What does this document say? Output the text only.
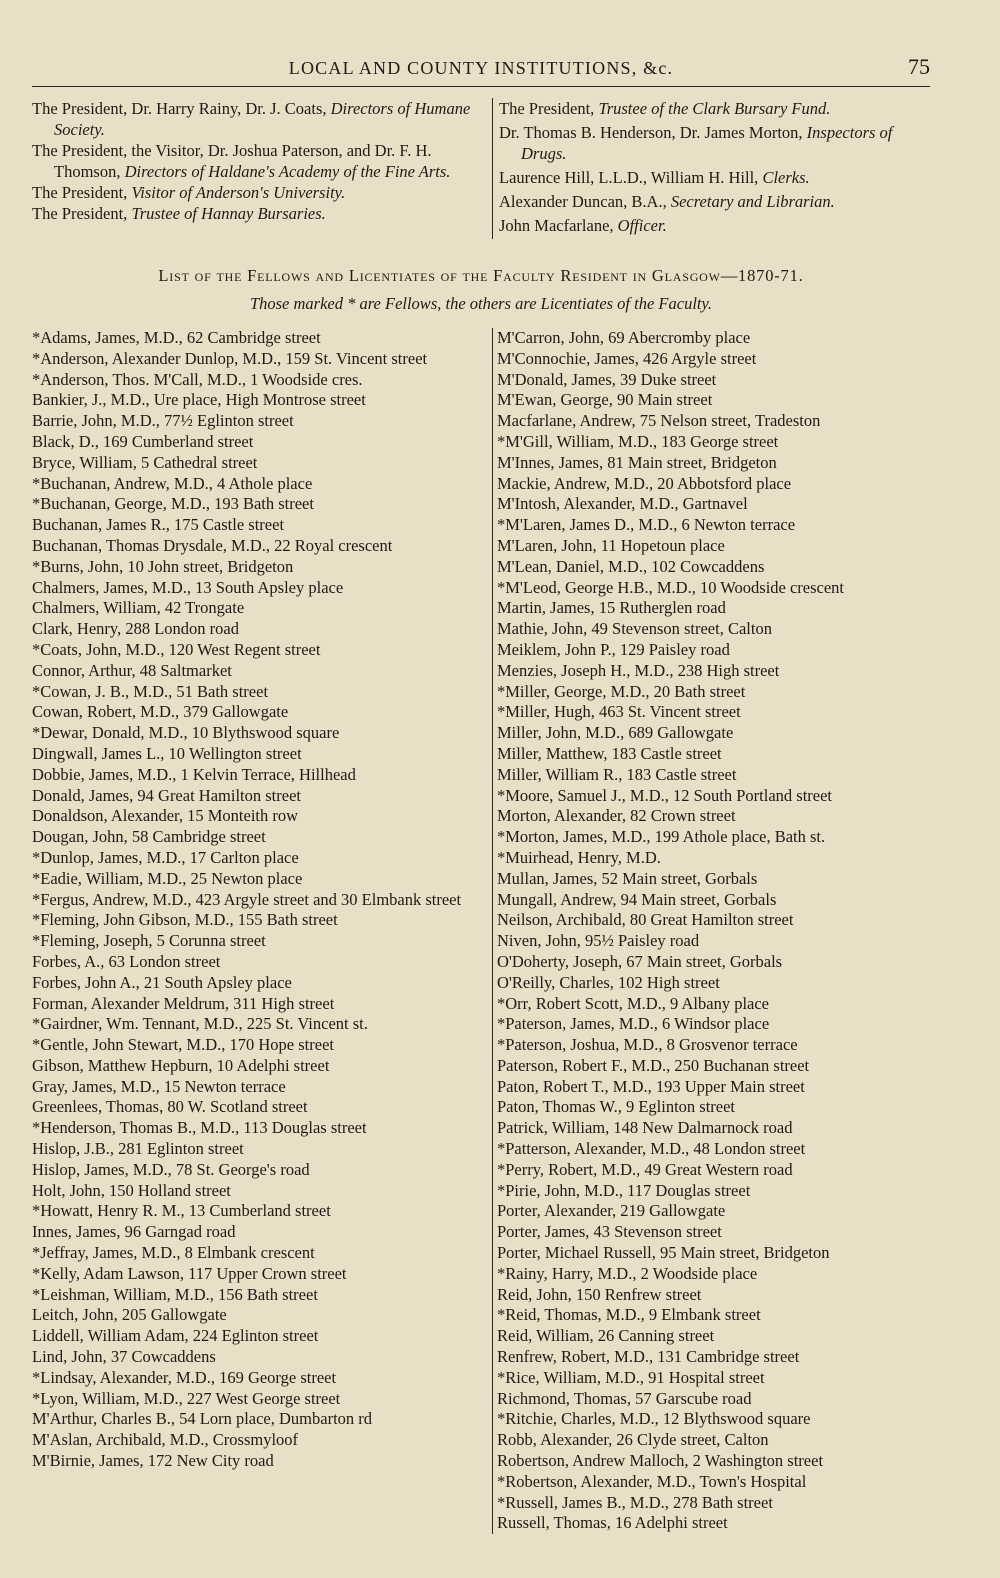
LOCAL AND COUNTY INSTITUTIONS, &c.	75
The President, Dr. Harry Rainy, Dr. J. Coats, Directors of Humane Society.
The President, the Visitor, Dr. Joshua Paterson, and Dr. F. H. Thomson, Directors of Haldane's Academy of the Fine Arts.
The President, Visitor of Anderson's University.
The President, Trustee of Hannay Bursaries.
The President, Trustee of the Clark Bursary Fund.
Dr. Thomas B. Henderson, Dr. James Morton, Inspectors of Drugs.
Laurence Hill, L.L.D., William H. Hill, Clerks.
Alexander Duncan, B.A., Secretary and Librarian.
John Macfarlane, Officer.
List of the Fellows and Licentiates of the Faculty Resident in Glasgow—1870-71.
Those marked * are Fellows, the others are Licentiates of the Faculty.
*Adams, James, M.D., 62 Cambridge street
*Anderson, Alexander Dunlop, M.D., 159 St. Vincent street
*Anderson, Thos. M'Call, M.D., 1 Woodside cres.
Bankier, J., M.D., Ure place, High Montrose street
Barrie, John, M.D., 77½ Eglinton street
Black, D., 169 Cumberland street
Bryce, William, 5 Cathedral street
*Buchanan, Andrew, M.D., 4 Athole place
*Buchanan, George, M.D., 193 Bath street
Buchanan, James R., 175 Castle street
Buchanan, Thomas Drysdale, M.D., 22 Royal crescent
*Burns, John, 10 John street, Bridgeton
Chalmers, James, M.D., 13 South Apsley place
Chalmers, William, 42 Trongate
Clark, Henry, 288 London road
*Coats, John, M.D., 120 West Regent street
Connor, Arthur, 48 Saltmarket
*Cowan, J. B., M.D., 51 Bath street
Cowan, Robert, M.D., 379 Gallowgate
*Dewar, Donald, M.D., 10 Blythswood square
Dingwall, James L., 10 Wellington street
Dobbie, James, M.D., 1 Kelvin Terrace, Hillhead
Donald, James, 94 Great Hamilton street
Donaldson, Alexander, 15 Monteith row
Dougan, John, 58 Cambridge street
*Dunlop, James, M.D., 17 Carlton place
*Eadie, William, M.D., 25 Newton place
*Fergus, Andrew, M.D., 423 Argyle street and 30 Elmbank street
*Fleming, John Gibson, M.D., 155 Bath street
*Fleming, Joseph, 5 Corunna street
Forbes, A., 63 London street
Forbes, John A., 21 South Apsley place
Forman, Alexander Meldrum, 311 High street
*Gairdner, Wm. Tennant, M.D., 225 St. Vincent st.
*Gentle, John Stewart, M.D., 170 Hope street
Gibson, Matthew Hepburn, 10 Adelphi street
Gray, James, M.D., 15 Newton terrace
Greenlees, Thomas, 80 W. Scotland street
*Henderson, Thomas B., M.D., 113 Douglas street
Hislop, J.B., 281 Eglinton street
Hislop, James, M.D., 78 St. George's road
Holt, John, 150 Holland street
*Howatt, Henry R. M., 13 Cumberland street
Innes, James, 96 Garngad road
*Jeffray, James, M.D., 8 Elmbank crescent
*Kelly, Adam Lawson, 117 Upper Crown street
*Leishman, William, M.D., 156 Bath street
Leitch, John, 205 Gallowgate
Liddell, William Adam, 224 Eglinton street
Lind, John, 37 Cowcaddens
*Lindsay, Alexander, M.D., 169 George street
*Lyon, William, M.D., 227 West George street
M'Arthur, Charles B., 54 Lorn place, Dumbarton rd
M'Aslan, Archibald, M.D., Crossmyloof
M'Birnie, James, 172 New City road
M'Carron, John, 69 Abercromby place
M'Connochie, James, 426 Argyle street
M'Donald, James, 39 Duke street
M'Ewan, George, 90 Main street
Macfarlane, Andrew, 75 Nelson street, Tradeston
*M'Gill, William, M.D., 183 George street
M'Innes, James, 81 Main street, Bridgeton
Mackie, Andrew, M.D., 20 Abbotsford place
M'Intosh, Alexander, M.D., Gartnavel
*M'Laren, James D., M.D., 6 Newton terrace
M'Laren, John, 11 Hopetoun place
M'Lean, Daniel, M.D., 102 Cowcaddens
*M'Leod, George H.B., M.D., 10 Woodside crescent
Martin, James, 15 Rutherglen road
Mathie, John, 49 Stevenson street, Calton
Meiklem, John P., 129 Paisley road
Menzies, Joseph H., M.D., 238 High street
*Miller, George, M.D., 20 Bath street
*Miller, Hugh, 463 St. Vincent street
Miller, John, M.D., 689 Gallowgate
Miller, Matthew, 183 Castle street
Miller, William R., 183 Castle street
*Moore, Samuel J., M.D., 12 South Portland street
Morton, Alexander, 82 Crown street
*Morton, James, M.D., 199 Athole place, Bath st.
*Muirhead, Henry, M.D.
Mullan, James, 52 Main street, Gorbals
Mungall, Andrew, 94 Main street, Gorbals
Neilson, Archibald, 80 Great Hamilton street
Niven, John, 95½ Paisley road
O'Doherty, Joseph, 67 Main street, Gorbals
O'Reilly, Charles, 102 High street
*Orr, Robert Scott, M.D., 9 Albany place
*Paterson, James, M.D., 6 Windsor place
*Paterson, Joshua, M.D., 8 Grosvenor terrace
Paterson, Robert F., M.D., 250 Buchanan street
Paton, Robert T., M.D., 193 Upper Main street
Paton, Thomas W., 9 Eglinton street
Patrick, William, 148 New Dalmarnock road
*Patterson, Alexander, M.D., 48 London street
*Perry, Robert, M.D., 49 Great Western road
*Pirie, John, M.D., 117 Douglas street
Porter, Alexander, 219 Gallowgate
Porter, James, 43 Stevenson street
Porter, Michael Russell, 95 Main street, Bridgeton
*Rainy, Harry, M.D., 2 Woodside place
Reid, John, 150 Renfrew street
*Reid, Thomas, M.D., 9 Elmbank street
Reid, William, 26 Canning street
Renfrew, Robert, M.D., 131 Cambridge street
*Rice, William, M.D., 91 Hospital street
Richmond, Thomas, 57 Garscube road
*Ritchie, Charles, M.D., 12 Blythswood square
Robb, Alexander, 26 Clyde street, Calton
Robertson, Andrew Malloch, 2 Washington street
*Robertson, Alexander, M.D., Town's Hospital
*Russell, James B., M.D., 278 Bath street
Russell, Thomas, 16 Adelphi street
